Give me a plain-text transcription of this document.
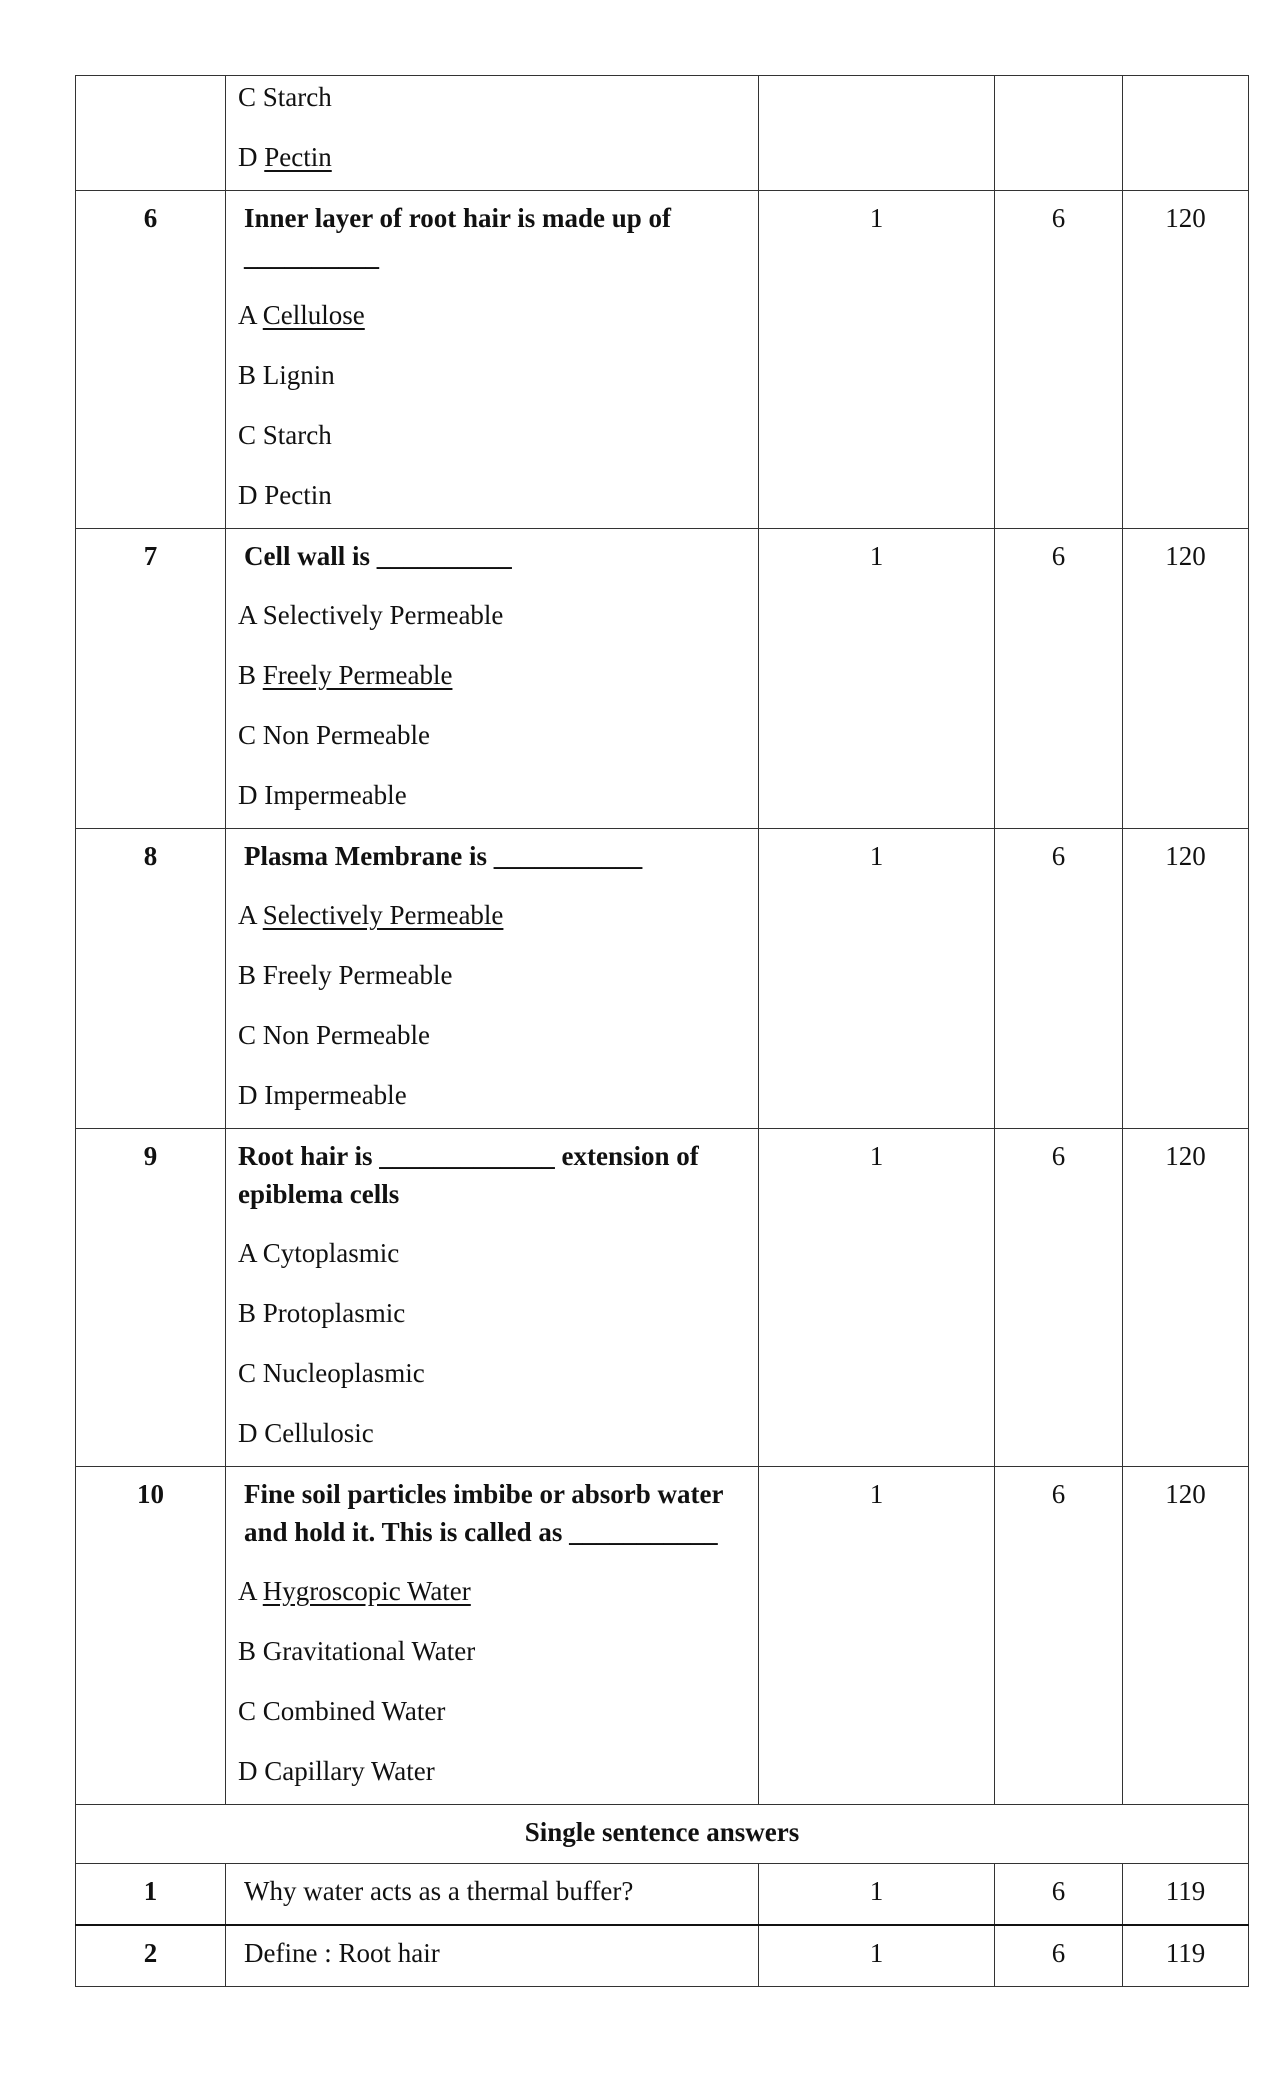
	C Starch
D Pectin			

6	Inner layer of root hair is made up of __________
A Cellulose
B Lignin
C Starch
D Pectin	1	6	120
7	Cell wall is __________
A Selectively Permeable
B Freely Permeable
C Non Permeable
D Impermeable	1	6	120
8	Plasma Membrane is ___________
A Selectively Permeable
B Freely Permeable
C Non Permeable
D Impermeable	1	6	120
9	Root hair is _____________ extension of epiblema cells
A Cytoplasmic
B Protoplasmic
C Nucleoplasmic
D Cellulosic	1	6	120
10	Fine soil particles imbibe or absorb water and hold it. This is called as ___________
A Hygroscopic Water
B Gravitational Water
C Combined Water
D Capillary Water	1	6	120
Single sentence answers				
1	Why water acts as a thermal buffer?	1	6	119
2	Define : Root hair	1	6	119
